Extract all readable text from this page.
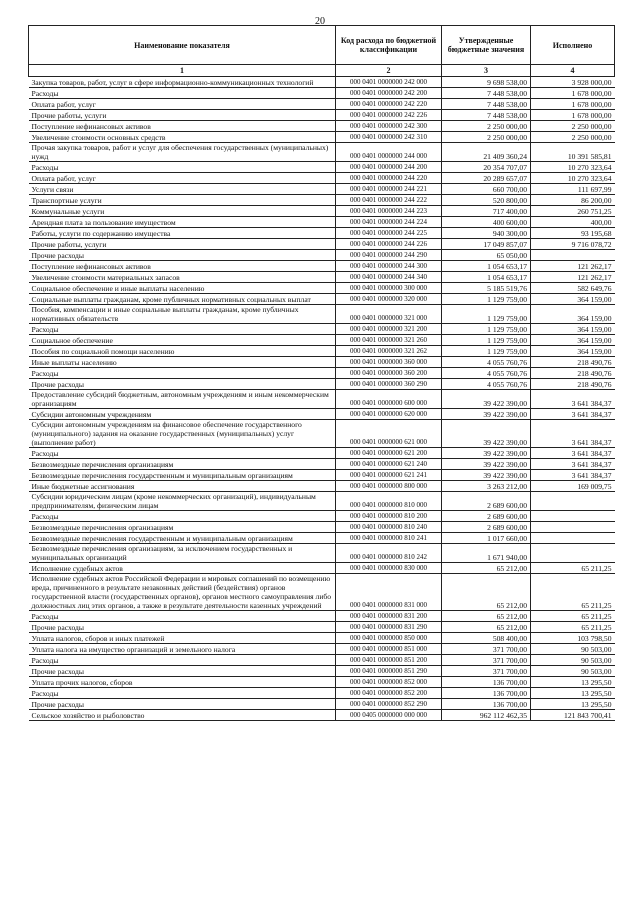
20
Наименование показателя	Код расхода по бюджетной классификации	Утвержденные бюджетные значения	Исполнено
1	2	3	4
Закупка товаров, работ, услуг в сфере информационно-коммуникационных технологий	000 0401 0000000 242 000	9 698 538,00	3 928 000,00
Расходы	000 0401 0000000 242 200	7 448 538,00	1 678 000,00
Оплата работ, услуг	000 0401 0000000 242 220	7 448 538,00	1 678 000,00
Прочие работы, услуги	000 0401 0000000 242 226	7 448 538,00	1 678 000,00
Поступление нефинансовых активов	000 0401 0000000 242 300	2 250 000,00	2 250 000,00
Увеличение стоимости основных средств	000 0401 0000000 242 310	2 250 000,00	2 250 000,00
Прочая закупка товаров, работ и услуг для обеспечения государственных (муниципальных) нужд	000 0401 0000000 244 000	21 409 360,24	10 391 585,81
Расходы	000 0401 0000000 244 200	20 354 707,07	10 270 323,64
Оплата работ, услуг	000 0401 0000000 244 220	20 289 657,07	10 270 323,64
Услуги связи	000 0401 0000000 244 221	660 700,00	111 697,99
Транспортные услуги	000 0401 0000000 244 222	520 800,00	86 200,00
Коммунальные услуги	000 0401 0000000 244 223	717 400,00	260 751,25
Арендная плата за пользование имуществом	000 0401 0000000 244 224	400 600,00	400,00
Работы, услуги по содержанию имущества	000 0401 0000000 244 225	940 300,00	93 195,68
Прочие работы, услуги	000 0401 0000000 244 226	17 049 857,07	9 716 078,72
Прочие расходы	000 0401 0000000 244 290	65 050,00	
Поступление нефинансовых активов	000 0401 0000000 244 300	1 054 653,17	121 262,17
Увеличение стоимости материальных запасов	000 0401 0000000 244 340	1 054 653,17	121 262,17
Социальное обеспечение и иные выплаты населению	000 0401 0000000 300 000	5 185 519,76	582 649,76
Социальные выплаты гражданам, кроме публичных нормативных социальных выплат	000 0401 0000000 320 000	1 129 759,00	364 159,00
Пособия, компенсации и иные социальные выплаты гражданам, кроме публичных нормативных обязательств	000 0401 0000000 321 000	1 129 759,00	364 159,00
Расходы	000 0401 0000000 321 200	1 129 759,00	364 159,00
Социальное обеспечение	000 0401 0000000 321 260	1 129 759,00	364 159,00
Пособия по социальной помощи населению	000 0401 0000000 321 262	1 129 759,00	364 159,00
Иные выплаты населению	000 0401 0000000 360 000	4 055 760,76	218 490,76
Расходы	000 0401 0000000 360 200	4 055 760,76	218 490,76
Прочие расходы	000 0401 0000000 360 290	4 055 760,76	218 490,76
Предоставление субсидий бюджетным, автономным учреждениям и иным некоммерческим организациям	000 0401 0000000 600 000	39 422 390,00	3 641 384,37
Субсидии автономным учреждениям	000 0401 0000000 620 000	39 422 390,00	3 641 384,37
Субсидии автономным учреждениям на финансовое обеспечение государственного (муниципального) задания на оказание государственных (муниципальных) услуг (выполнение работ)	000 0401 0000000 621 000	39 422 390,00	3 641 384,37
Расходы	000 0401 0000000 621 200	39 422 390,00	3 641 384,37
Безвозмездные перечисления организациям	000 0401 0000000 621 240	39 422 390,00	3 641 384,37
Безвозмездные перечисления государственным и муниципальным организациям	000 0401 0000000 621 241	39 422 390,00	3 641 384,37
Иные бюджетные ассигнования	000 0401 0000000 800 000	3 263 212,00	169 009,75
Субсидии юридическим лицам (кроме некоммерческих организаций), индивидуальным предпринимателям, физическим лицам	000 0401 0000000 810 000	2 689 600,00	
Расходы	000 0401 0000000 810 200	2 689 600,00	
Безвозмездные перечисления организациям	000 0401 0000000 810 240	2 689 600,00	
Безвозмездные перечисления государственным и муниципальным организациям	000 0401 0000000 810 241	1 017 660,00	
Безвозмездные перечисления организациям, за исключением государственных и муниципальных организаций	000 0401 0000000 810 242	1 671 940,00	
Исполнение судебных актов	000 0401 0000000 830 000	65 212,00	65 211,25
Исполнение судебных актов Российской Федерации и мировых соглашений по возмещению вреда, причиненного в результате незаконных действий (бездействия) органов государственной власти (государственных органов), органов местного самоуправления либо должностных лиц этих органов, а также в результате деятельности казенных учреждений	000 0401 0000000 831 000	65 212,00	65 211,25
Расходы	000 0401 0000000 831 200	65 212,00	65 211,25
Прочие расходы	000 0401 0000000 831 290	65 212,00	65 211,25
Уплата налогов, сборов и иных платежей	000 0401 0000000 850 000	508 400,00	103 798,50
Уплата налога на имущество организаций и земельного налога	000 0401 0000000 851 000	371 700,00	90 503,00
Расходы	000 0401 0000000 851 200	371 700,00	90 503,00
Прочие расходы	000 0401 0000000 851 290	371 700,00	90 503,00
Уплата прочих налогов, сборов	000 0401 0000000 852 000	136 700,00	13 295,50
Расходы	000 0401 0000000 852 200	136 700,00	13 295,50
Прочие расходы	000 0401 0000000 852 290	136 700,00	13 295,50
Сельское хозяйство и рыболовство	000 0405 0000000 000 000	962 112 462,35	121 843 700,41
